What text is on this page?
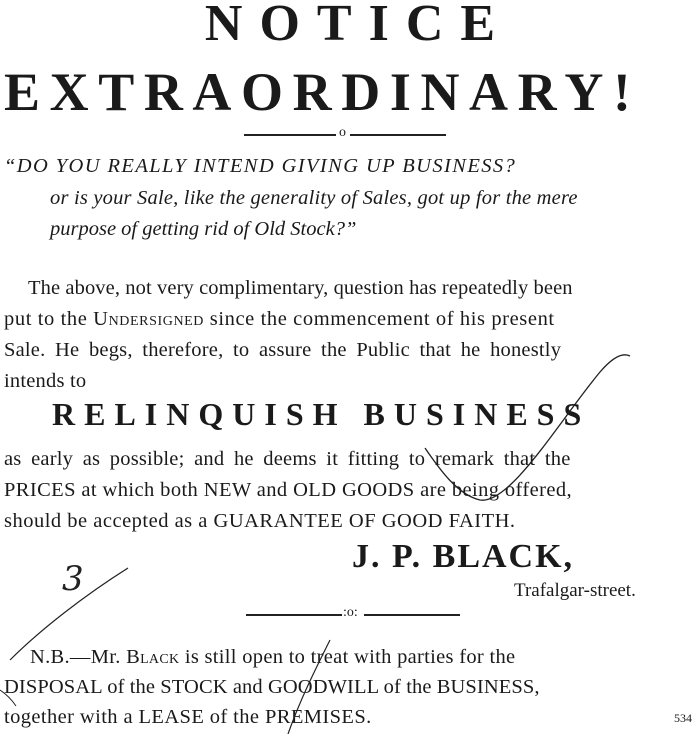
NOTICE
EXTRAORDINARY!
o
“DO YOU REALLY INTEND GIVING UP BUSINESS?
or is your Sale, like the generality of Sales, got up for the mere
purpose of getting rid of Old Stock?”
The above, not very complimentary, question has repeatedly been
put to the Undersigned since the commencement of his present
Sale. He begs, therefore, to assure the Public that he honestly
intends to
RELINQUISH BUSINESS
as early as possible; and he deems it fitting to remark that the
PRICES at which both NEW and OLD GOODS are being offered,
should be accepted as a GUARANTEE OF GOOD FAITH.
J. P. BLACK,
Trafalgar-street.
:o:
N.B.—Mr. Black is still open to treat with parties for the
DISPOSAL of the STOCK and GOODWILL of the BUSINESS,
together with a LEASE of the PREMISES.	534
3
